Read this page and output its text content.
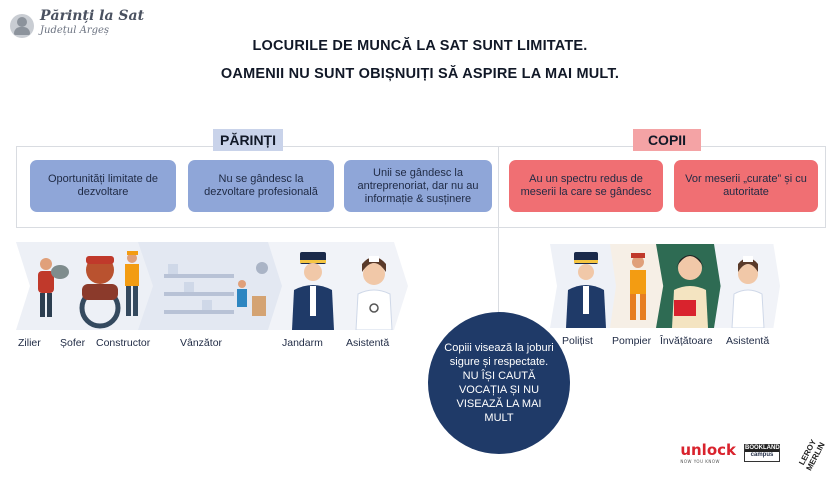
Părinți la Sat
Județul Argeș
LOCURILE DE MUNCĂ LA SAT SUNT LIMITATE.
OAMENII NU SUNT OBIȘNUIȚI SĂ ASPIRE LA MAI MULT.
PĂRINȚI	COPII
Oportunități limitate de dezvoltare
Nu se gândesc la dezvoltare profesională
Unii se gândesc la antreprenoriat, dar nu au informație & susținere
Au un spectru redus de meserii la care se gândesc
Vor meserii „curate” și cu autoritate
Zilier Șofer Constructor	Vânzător	Jandarm Asistentă	Polițist Pompier Învățătoare Asistentă
Copiii visează la joburi sigure și respectate.
NU ÎȘI CAUTĂ VOCAȚIA ȘI NU VISEAZĂ LA MAI MULT
unlock
NOW YOU KNOW
BOOKLAND
campus	LEROY MERLIN
